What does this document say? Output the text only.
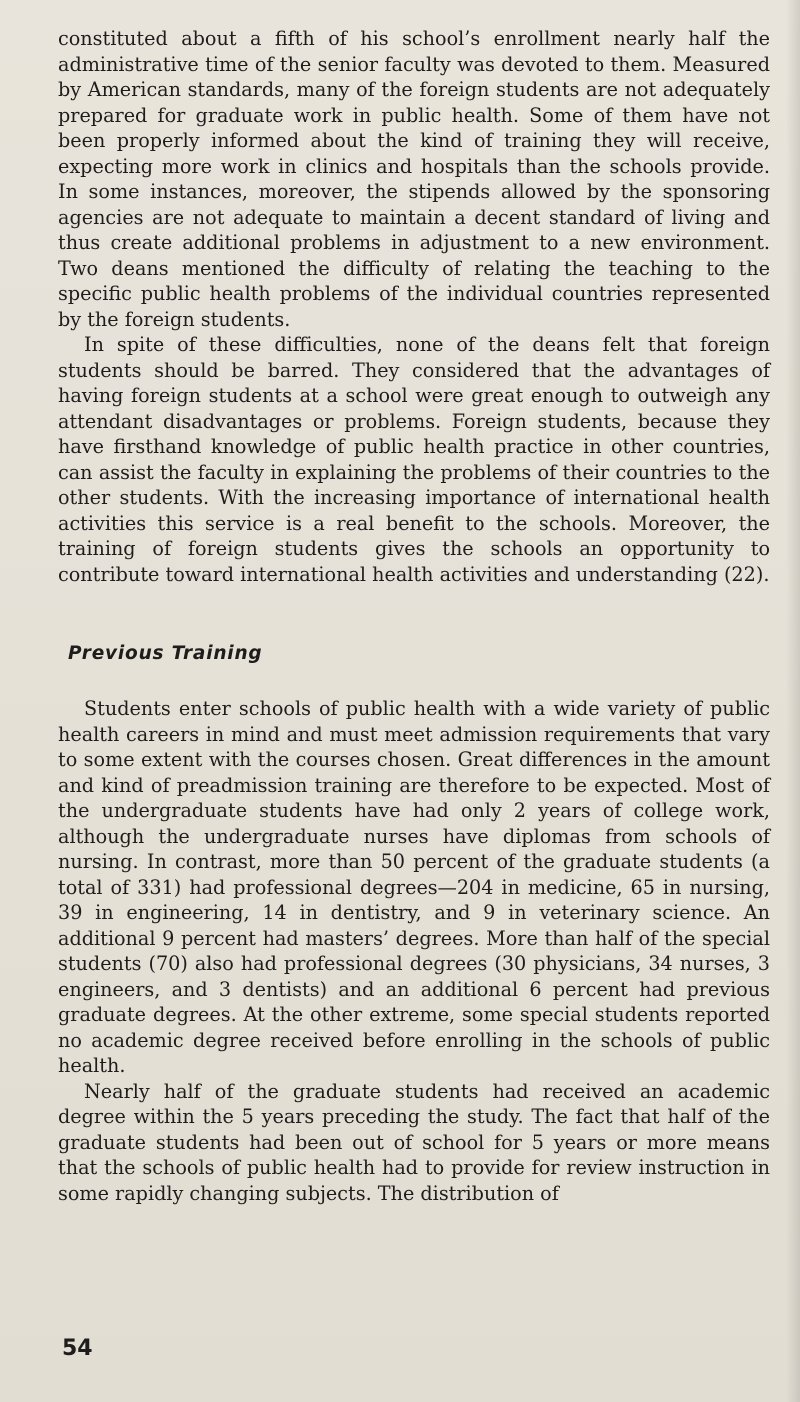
constituted about a fifth of his school’s enrollment nearly half the administrative time of the senior faculty was devoted to them. Measured by American standards, many of the foreign students are not adequately prepared for graduate work in public health. Some of them have not been properly informed about the kind of training they will receive, expecting more work in clinics and hospitals than the schools provide. In some instances, moreover, the stipends allowed by the sponsoring agencies are not adequate to maintain a decent standard of living and thus create additional problems in adjustment to a new environment. Two deans mentioned the difficulty of relating the teaching to the specific public health problems of the individual countries represented by the foreign students.

In spite of these difficulties, none of the deans felt that foreign students should be barred. They considered that the advantages of having foreign students at a school were great enough to outweigh any attendant disadvantages or problems. Foreign students, because they have firsthand knowledge of public health practice in other countries, can assist the faculty in explaining the problems of their countries to the other students. With the increasing importance of international health activities this service is a real benefit to the schools. Moreover, the training of foreign students gives the schools an opportunity to contribute toward international health activities and understanding (22).

Previous Training

Students enter schools of public health with a wide variety of public health careers in mind and must meet admission requirements that vary to some extent with the courses chosen. Great differences in the amount and kind of preadmission training are therefore to be expected. Most of the undergraduate students have had only 2 years of college work, although the undergraduate nurses have diplomas from schools of nursing. In contrast, more than 50 percent of the graduate students (a total of 331) had professional degrees—204 in medicine, 65 in nursing, 39 in engineering, 14 in dentistry, and 9 in veterinary science. An additional 9 percent had masters’ degrees. More than half of the special students (70) also had professional degrees (30 physicians, 34 nurses, 3 engineers, and 3 dentists) and an additional 6 percent had previous graduate degrees. At the other extreme, some special students reported no academic degree received before enrolling in the schools of public health.

Nearly half of the graduate students had received an academic degree within the 5 years preceding the study. The fact that half of the graduate students had been out of school for 5 years or more means that the schools of public health had to provide for review instruction in some rapidly changing subjects. The distribution of

54
